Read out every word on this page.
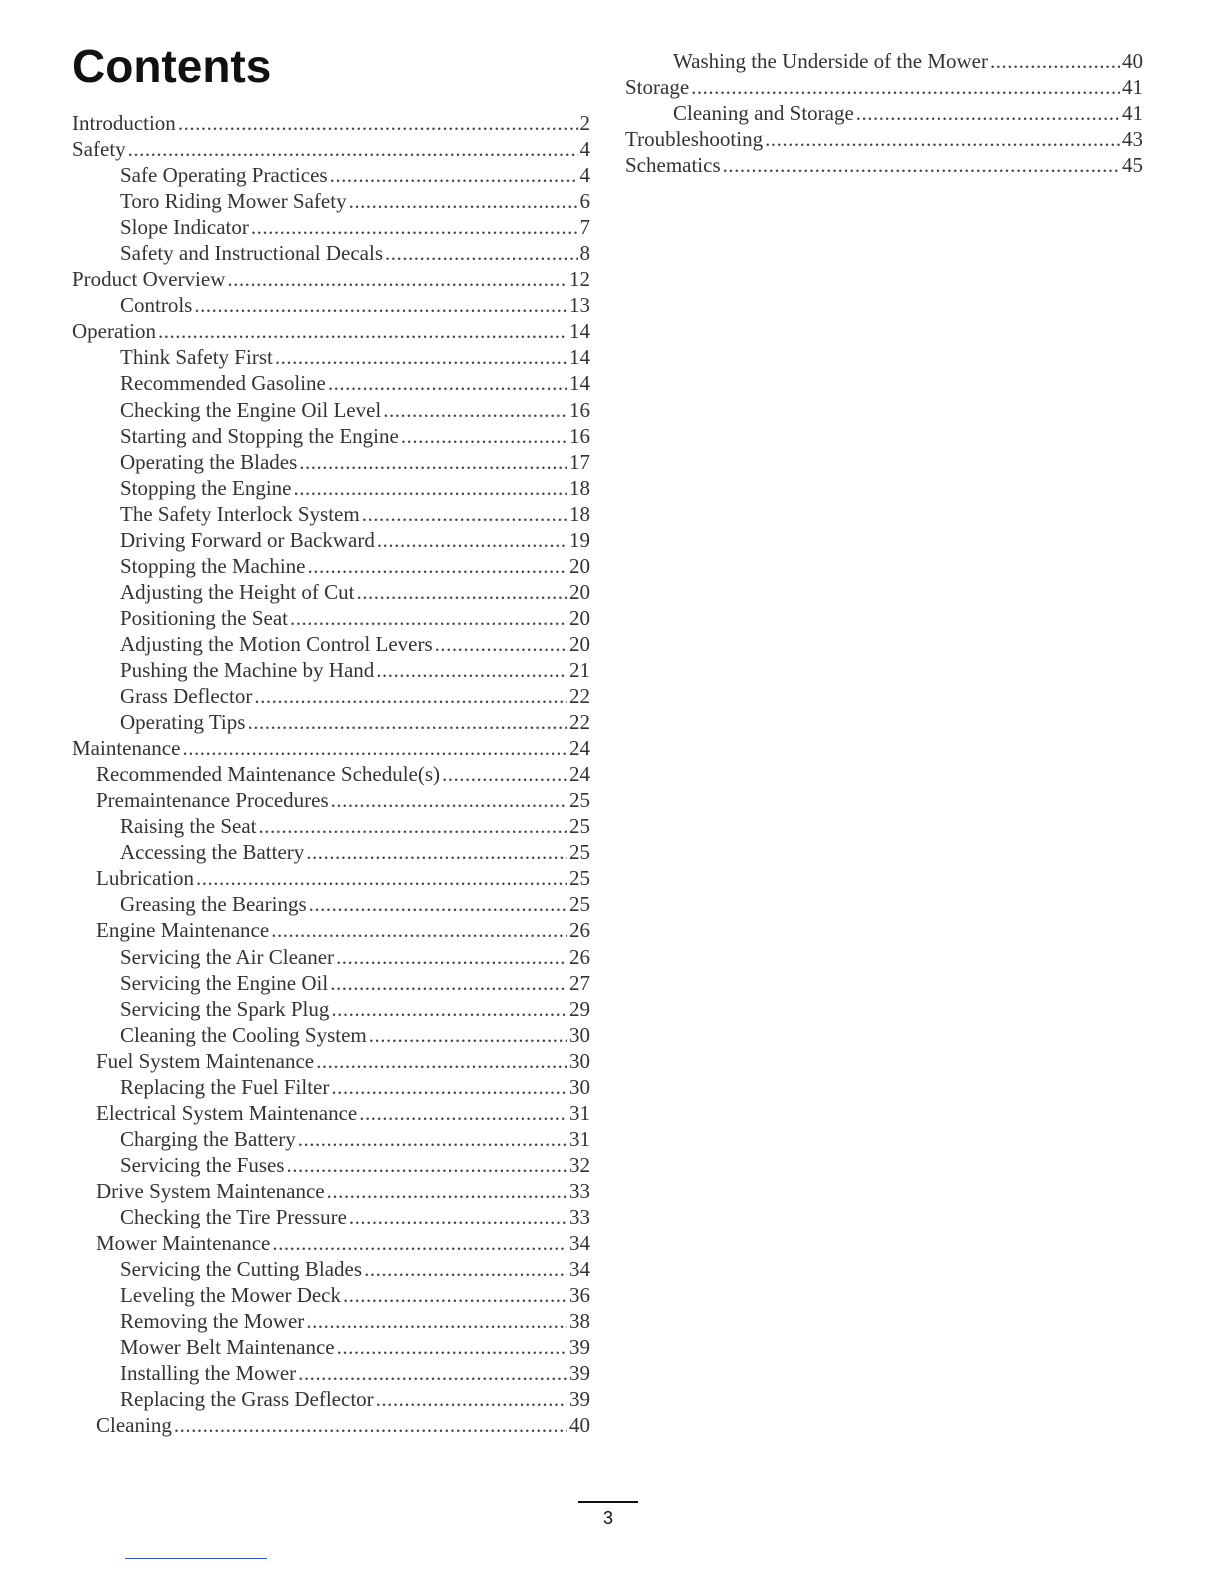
Contents
Introduction .....	2
Safety .....	4
Safe Operating Practices .....	4
Toro Riding Mower Safety .....	6
Slope Indicator .....	7
Safety and Instructional Decals .....	8
Product Overview .....	12
Controls .....	13
Operation .....	14
Think Safety First .....	14
Recommended Gasoline .....	14
Checking the Engine Oil Level .....	16
Starting and Stopping the Engine .....	16
Operating the Blades .....	17
Stopping the Engine .....	18
The Safety Interlock System .....	18
Driving Forward or Backward .....	19
Stopping the Machine .....	20
Adjusting the Height of Cut .....	20
Positioning the Seat .....	20
Adjusting the Motion Control Levers .....	20
Pushing the Machine by Hand .....	21
Grass Deflector .....	22
Operating Tips .....	22
Maintenance .....	24
Recommended Maintenance Schedule(s) .....	24
Premaintenance Procedures .....	25
Raising the Seat .....	25
Accessing the Battery .....	25
Lubrication .....	25
Greasing the Bearings .....	25
Engine Maintenance .....	26
Servicing the Air Cleaner .....	26
Servicing the Engine Oil .....	27
Servicing the Spark Plug .....	29
Cleaning the Cooling System .....	30
Fuel System Maintenance .....	30
Replacing the Fuel Filter .....	30
Electrical System Maintenance .....	31
Charging the Battery .....	31
Servicing the Fuses .....	32
Drive System Maintenance .....	33
Checking the Tire Pressure .....	33
Mower Maintenance .....	34
Servicing the Cutting Blades .....	34
Leveling the Mower Deck .....	36
Removing the Mower .....	38
Mower Belt Maintenance .....	39
Installing the Mower .....	39
Replacing the Grass Deflector .....	39
Cleaning .....	40
Washing the Underside of the Mower .....	40
Storage .....	41
Cleaning and Storage .....	41
Troubleshooting .....	43
Schematics .....	45
3
